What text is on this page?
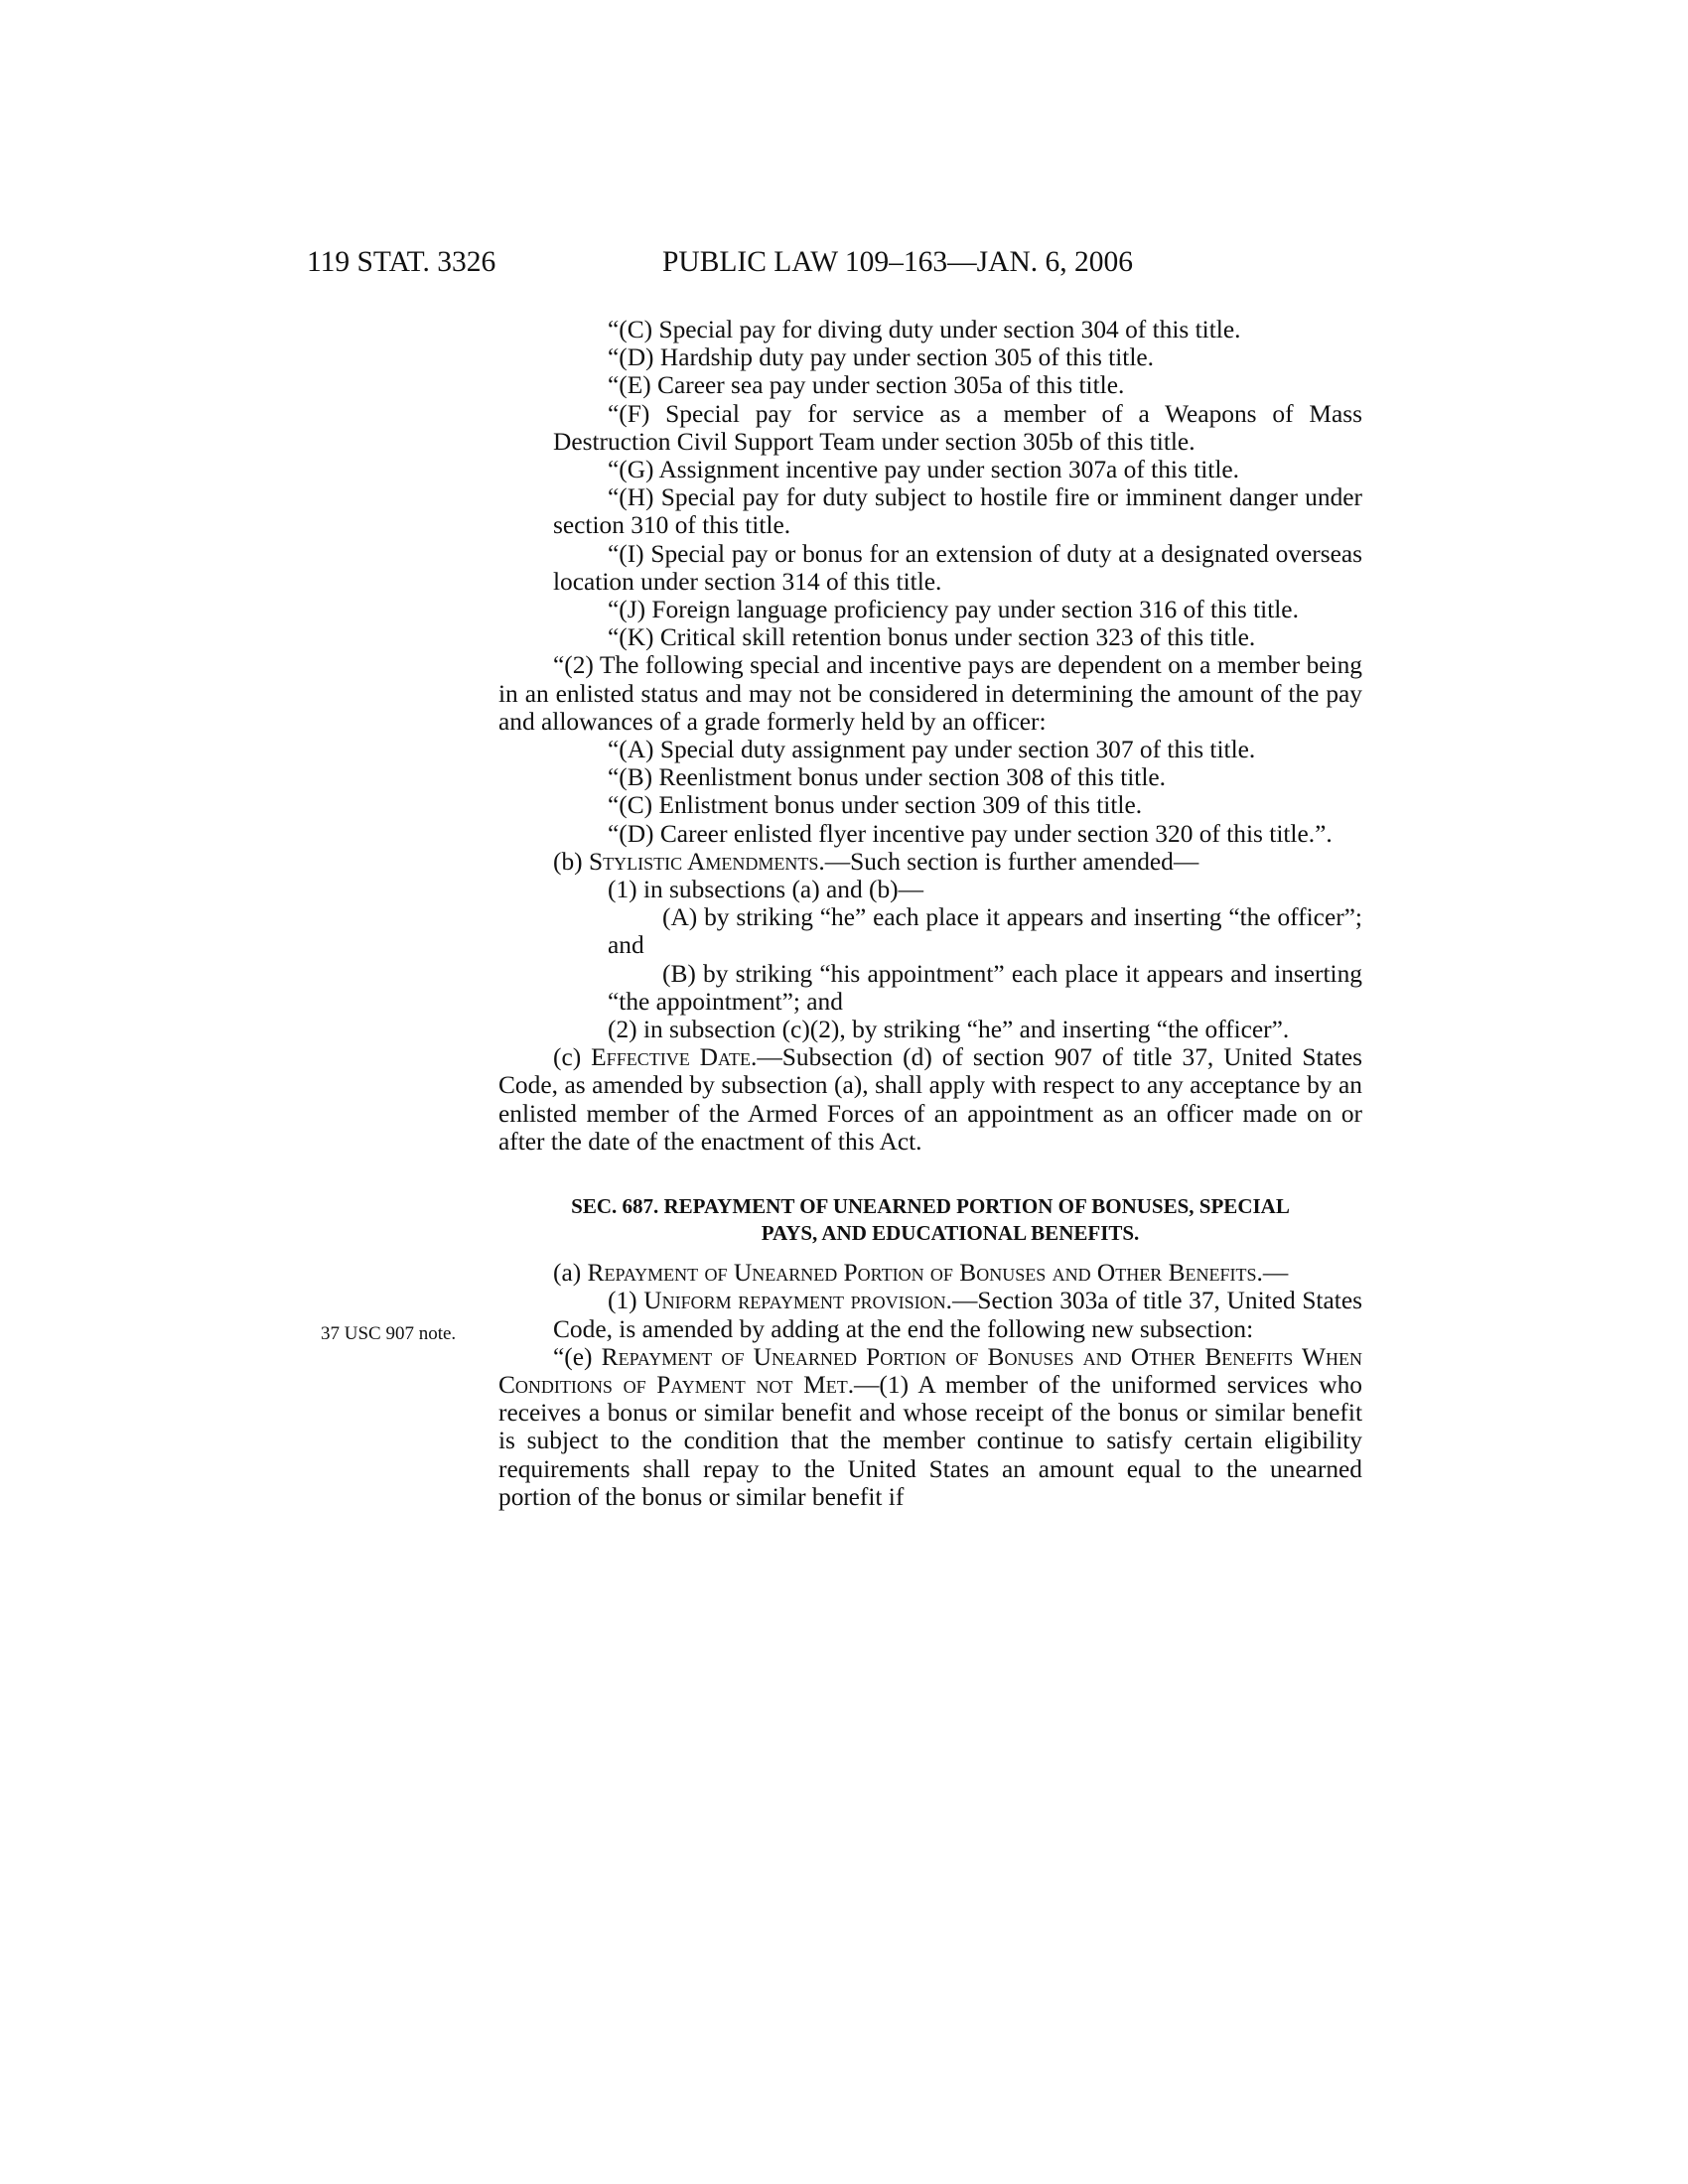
119 STAT. 3326	PUBLIC LAW 109–163—JAN. 6, 2006
37 USC 907 note.

“(C) Special pay for diving duty under section 304 of this title.

“(D) Hardship duty pay under section 305 of this title.

“(E) Career sea pay under section 305a of this title.

“(F) Special pay for service as a member of a Weapons of Mass Destruction Civil Support Team under section 305b of this title.

“(G) Assignment incentive pay under section 307a of this title.

“(H) Special pay for duty subject to hostile fire or imminent danger under section 310 of this title.

“(I) Special pay or bonus for an extension of duty at a designated overseas location under section 314 of this title.

“(J) Foreign language proficiency pay under section 316 of this title.

“(K) Critical skill retention bonus under section 323 of this title.

“(2) The following special and incentive pays are dependent on a member being in an enlisted status and may not be considered in determining the amount of the pay and allowances of a grade formerly held by an officer:

“(A) Special duty assignment pay under section 307 of this title.

“(B) Reenlistment bonus under section 308 of this title.

“(C) Enlistment bonus under section 309 of this title.

“(D) Career enlisted flyer incentive pay under section 320 of this title.”.

(b) Stylistic Amendments.—Such section is further amended—

(1) in subsections (a) and (b)—

(A) by striking “he” each place it appears and inserting “the officer”; and

(B) by striking “his appointment” each place it appears and inserting “the appointment”; and

(2) in subsection (c)(2), by striking “he” and inserting “the officer”.

(c) Effective Date.—Subsection (d) of section 907 of title 37, United States Code, as amended by subsection (a), shall apply with respect to any acceptance by an enlisted member of the Armed Forces of an appointment as an officer made on or after the date of the enactment of this Act.

SEC. 687. REPAYMENT OF UNEARNED PORTION OF BONUSES, SPECIAL
PAYS, AND EDUCATIONAL BENEFITS.

(a) Repayment of Unearned Portion of Bonuses and Other Benefits.—

(1) Uniform repayment provision.—Section 303a of title 37, United States Code, is amended by adding at the end the following new subsection:

“(e) Repayment of Unearned Portion of Bonuses and Other Benefits When Conditions of Payment not Met.—(1) A member of the uniformed services who receives a bonus or similar benefit and whose receipt of the bonus or similar benefit is subject to the condition that the member continue to satisfy certain eligibility requirements shall repay to the United States an amount equal to the unearned portion of the bonus or similar benefit if
